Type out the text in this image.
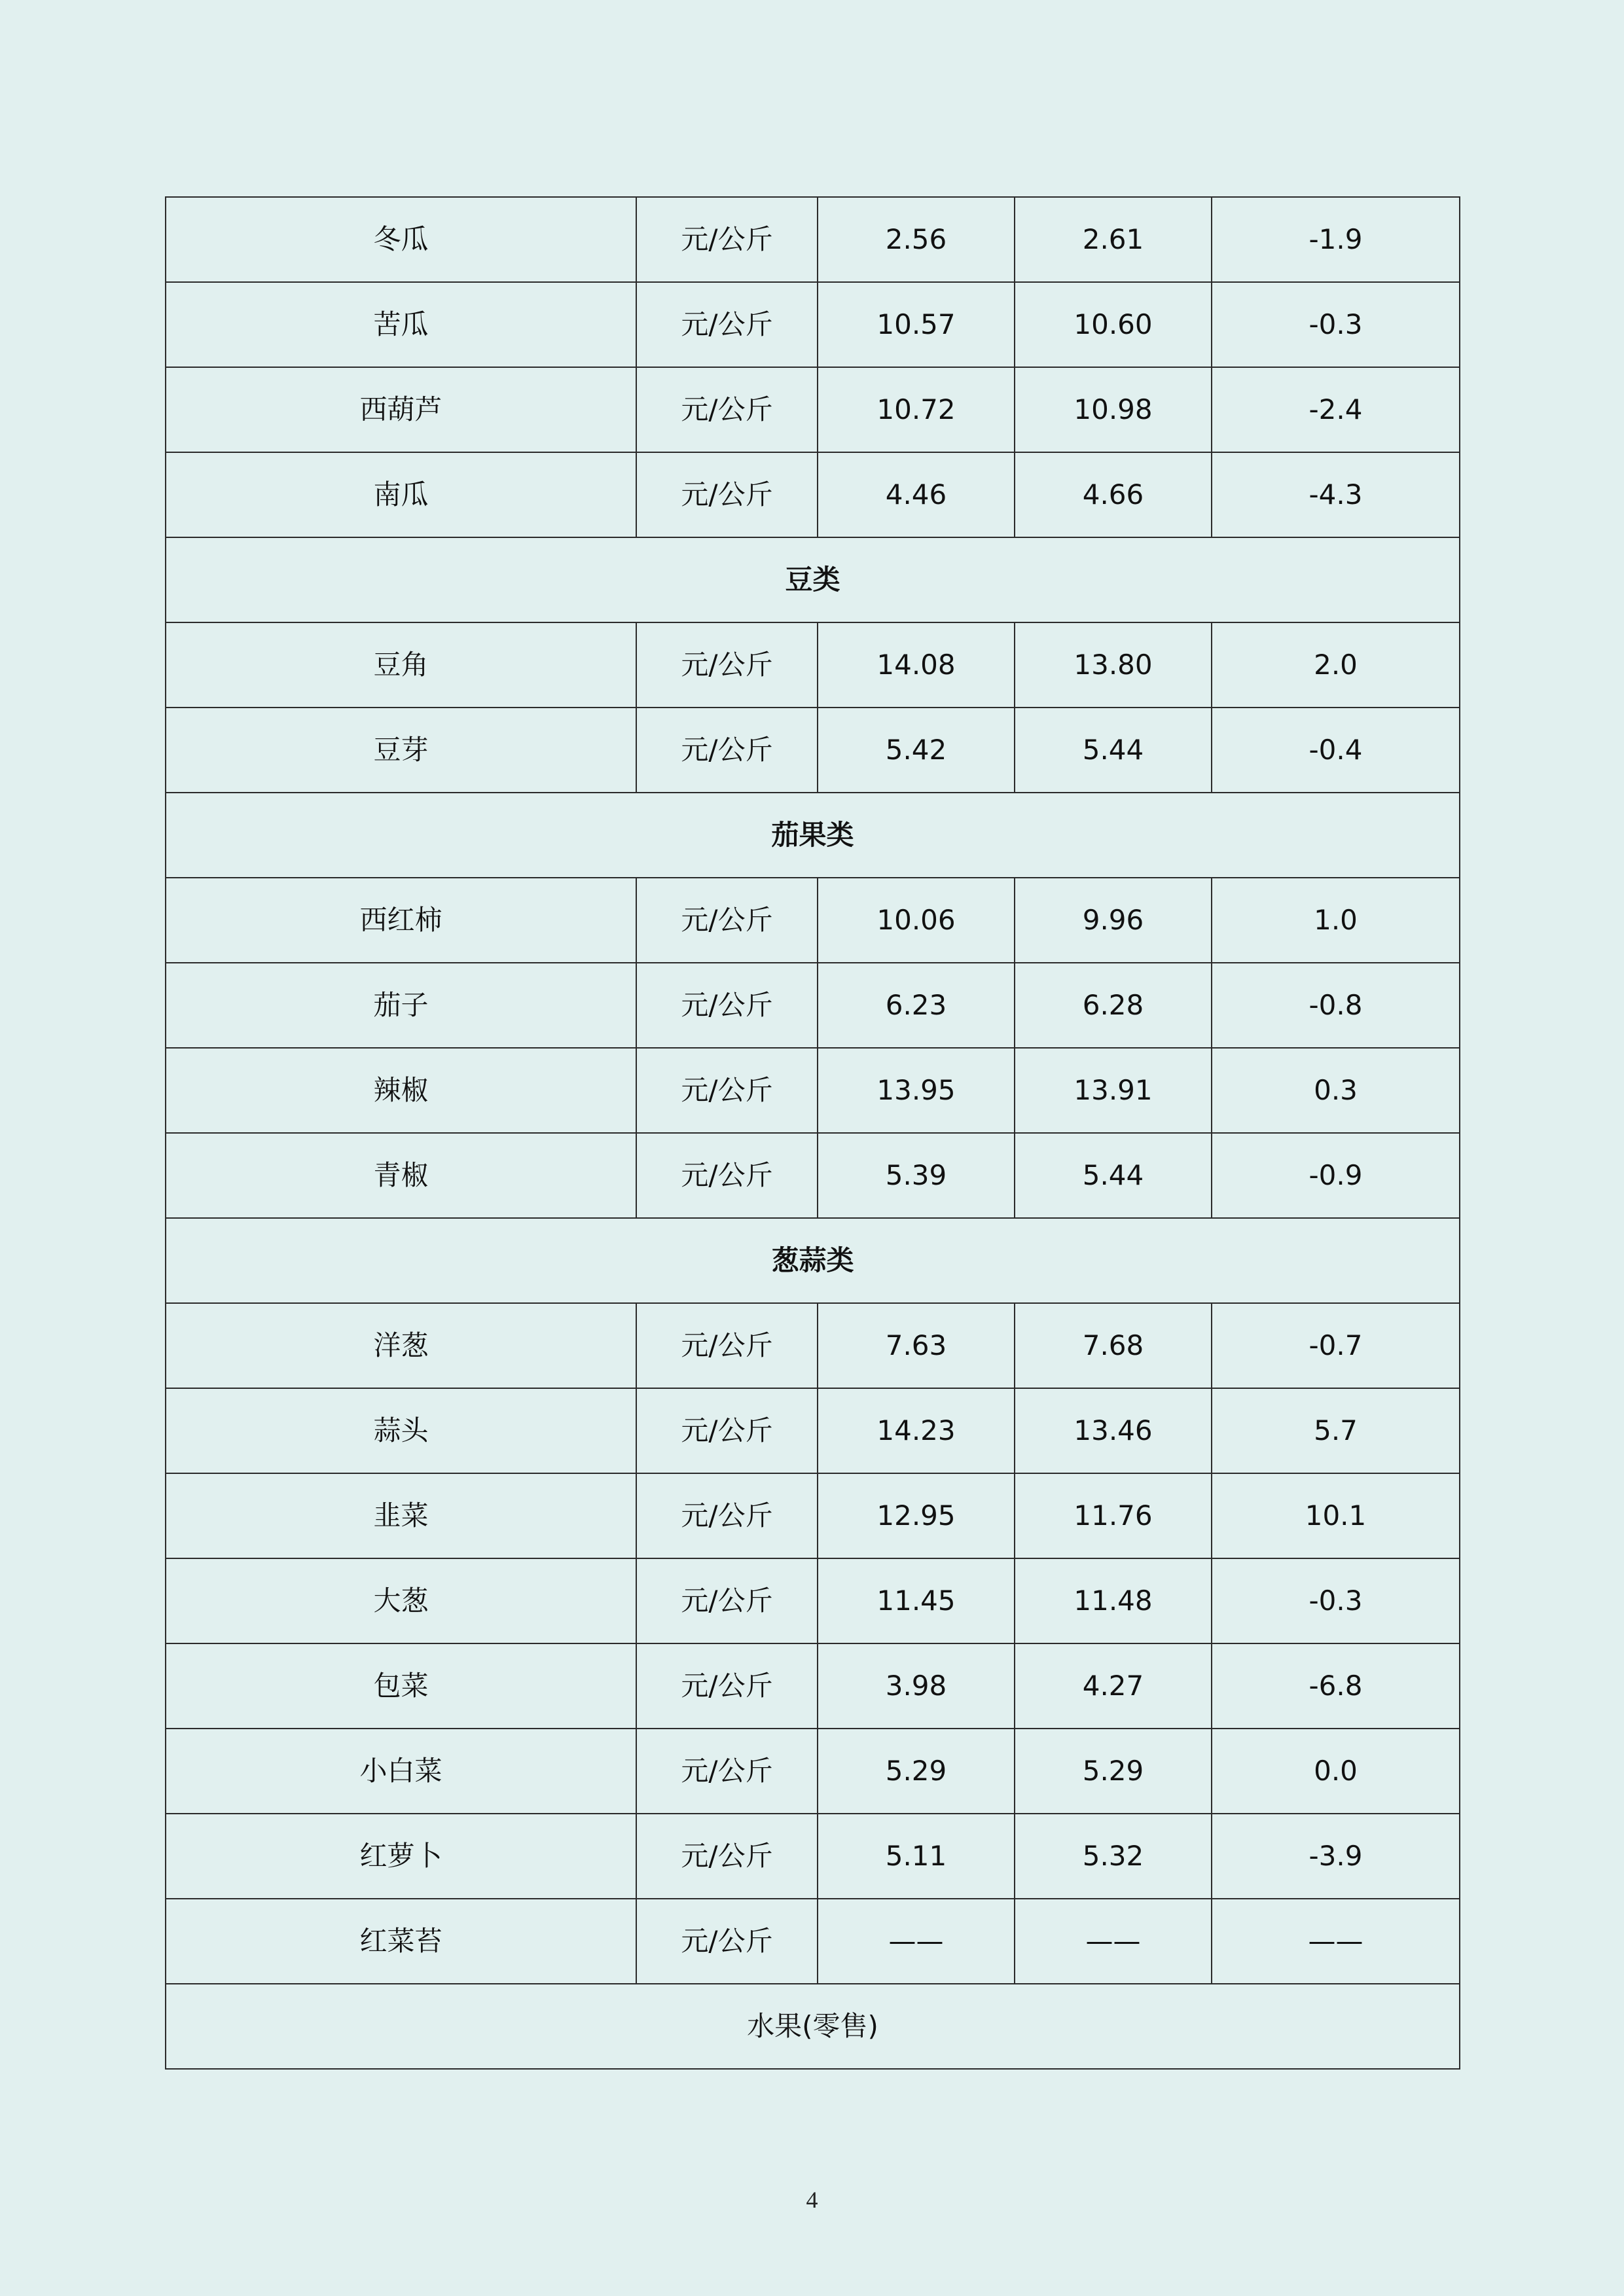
冬瓜	元/公斤	2.56	2.61	-1.9
苦瓜	元/公斤	10.57	10.60	-0.3
西葫芦	元/公斤	10.72	10.98	-2.4
南瓜	元/公斤	4.46	4.66	-4.3
豆类				
豆角	元/公斤	14.08	13.80	2.0
豆芽	元/公斤	5.42	5.44	-0.4
茄果类				
西红柿	元/公斤	10.06	9.96	1.0
茄子	元/公斤	6.23	6.28	-0.8
辣椒	元/公斤	13.95	13.91	0.3
青椒	元/公斤	5.39	5.44	-0.9
葱蒜类				
洋葱	元/公斤	7.63	7.68	-0.7
蒜头	元/公斤	14.23	13.46	5.7
韭菜	元/公斤	12.95	11.76	10.1
大葱	元/公斤	11.45	11.48	-0.3
包菜	元/公斤	3.98	4.27	-6.8
小白菜	元/公斤	5.29	5.29	0.0
红萝卜	元/公斤	5.11	5.32	-3.9
红菜苔	元/公斤	——	——	——
水果(零售)				
4
